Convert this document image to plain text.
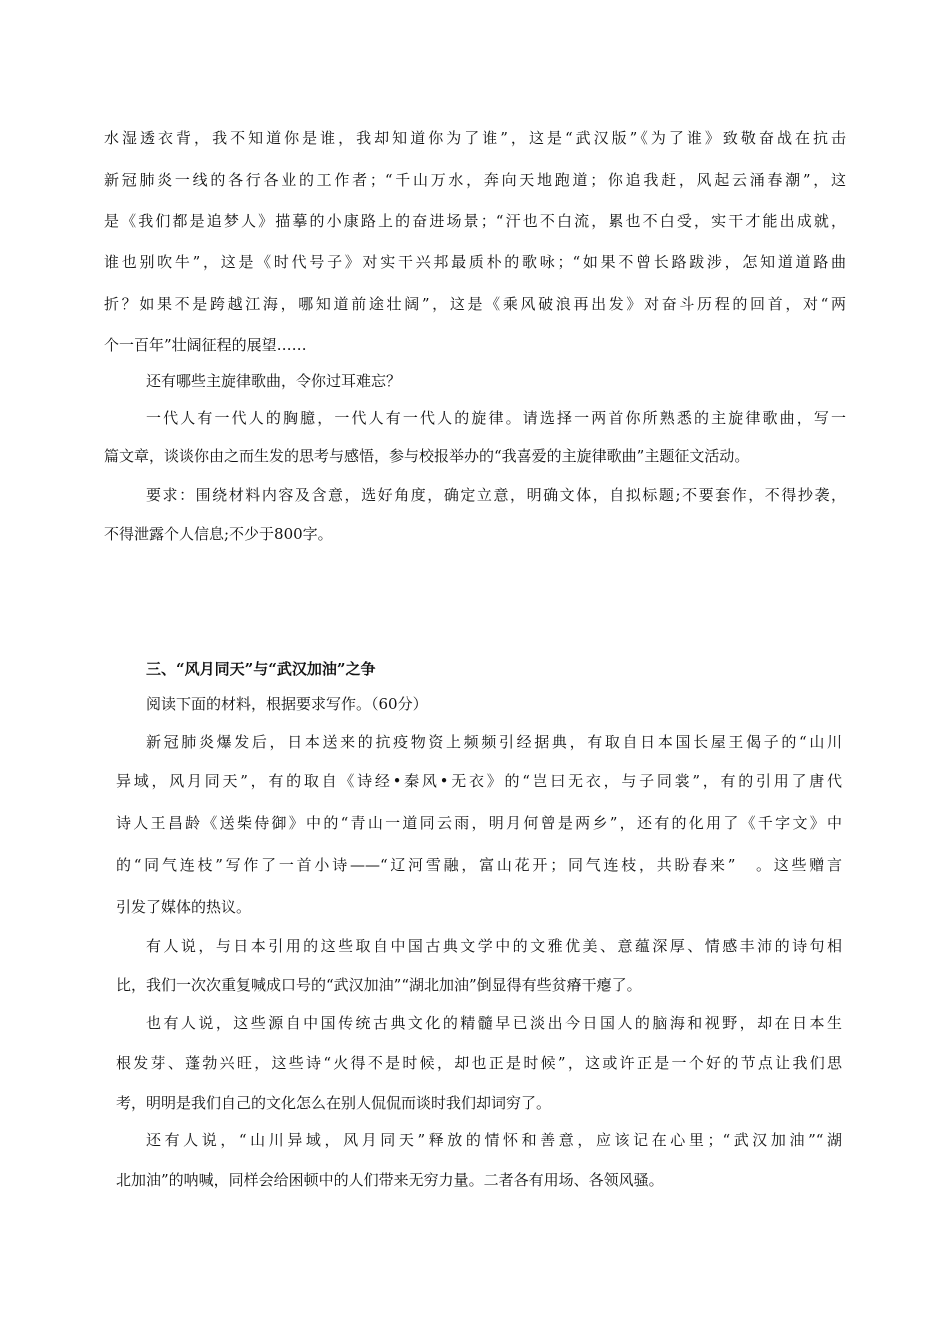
水湿透衣背，我不知道你是谁，我却知道你为了谁”，这是“武汉版”《为了谁》致敬奋战在抗击
新冠肺炎一线的各行各业的工作者；“千山万水，奔向天地跑道；你追我赶，风起云涌春潮”，这
是《我们都是追梦人》描摹的小康路上的奋进场景；“汗也不白流，累也不白受，实干才能出成就，
谁也别吹牛”，这是《时代号子》对实干兴邦最质朴的歌咏；“如果不曾长路跋涉，怎知道道路曲
折？如果不是跨越江海，哪知道前途壮阔”，这是《乘风破浪再出发》对奋斗历程的回首，对“两
个一百年”壮阔征程的展望……
还有哪些主旋律歌曲，令你过耳难忘？
一代人有一代人的胸臆，一代人有一代人的旋律。请选择一两首你所熟悉的主旋律歌曲，写一
篇文章，谈谈你由之而生发的思考与感悟，参与校报举办的“我喜爱的主旋律歌曲”主题征文活动。
要求：围绕材料内容及含意，选好角度，确定立意，明确文体，自拟标题;不要套作，不得抄袭，
不得泄露个人信息;不少于800字。
三、“风月同天”与“武汉加油”之争
阅读下面的材料，根据要求写作。（60分）
新冠肺炎爆发后，日本送来的抗疫物资上频频引经据典，有取自日本国长屋王偈子的“山川
异域，风月同天”，有的取自《诗经•秦风•无衣》的“岂曰无衣，与子同裳”，有的引用了唐代
诗人王昌龄《送柴侍御》中的“青山一道同云雨，明月何曾是两乡”，还有的化用了《千字文》中
的“同气连枝”写作了一首小诗——“辽河雪融，富山花开；同气连枝，共盼春来”　。这些赠言
引发了媒体的热议。
有人说，与日本引用的这些取自中国古典文学中的文雅优美、意蕴深厚、情感丰沛的诗句相
比，我们一次次重复喊成口号的“武汉加油”“湖北加油”倒显得有些贫瘠干瘪了。
也有人说，这些源自中国传统古典文化的精髓早已淡出今日国人的脑海和视野，却在日本生
根发芽、蓬勃兴旺，这些诗“火得不是时候，却也正是时候”，这或许正是一个好的节点让我们思
考，明明是我们自己的文化怎么在别人侃侃而谈时我们却词穷了。
还有人说，“山川异域，风月同天”释放的情怀和善意，应该记在心里；“武汉加油”“湖
北加油”的呐喊，同样会给困顿中的人们带来无穷力量。二者各有用场、各领风骚。
